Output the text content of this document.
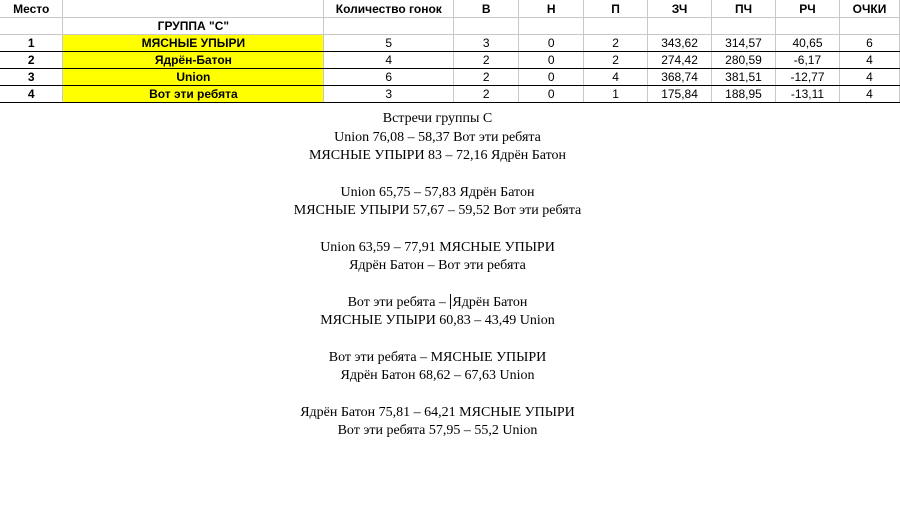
Место		Количество гонок	В	Н	П	ЗЧ	ПЧ	РЧ	ОЧКИ
	ГРУППА "С"								
1	МЯСНЫЕ УПЫРИ	5	3	0	2	343,62	314,57	40,65	6
2	Ядрён-Батон	4	2	0	2	274,42	280,59	-6,17	4
3	Union	6	2	0	4	368,74	381,51	-12,77	4
4	Вот эти ребята	3	2	0	1	175,84	188,95	-13,11	4
Встречи группы С
Union 76,08 – 58,37 Вот эти ребята
МЯСНЫЕ УПЫРИ 83 – 72,16 Ядрён Батон
Union 65,75 – 57,83 Ядрён Батон
МЯСНЫЕ УПЫРИ 57,67 – 59,52 Вот эти ребята
Union 63,59 – 77,91 МЯСНЫЕ УПЫРИ
Ядрён Батон – Вот эти ребята
Вот эти ребята – Ядрён Батон
МЯСНЫЕ УПЫРИ 60,83 – 43,49 Union
Вот эти ребята – МЯСНЫЕ УПЫРИ
Ядрён Батон 68,62 – 67,63 Union
Ядрён Батон 75,81 – 64,21 МЯСНЫЕ УПЫРИ
Вот эти ребята 57,95 – 55,2 Union
